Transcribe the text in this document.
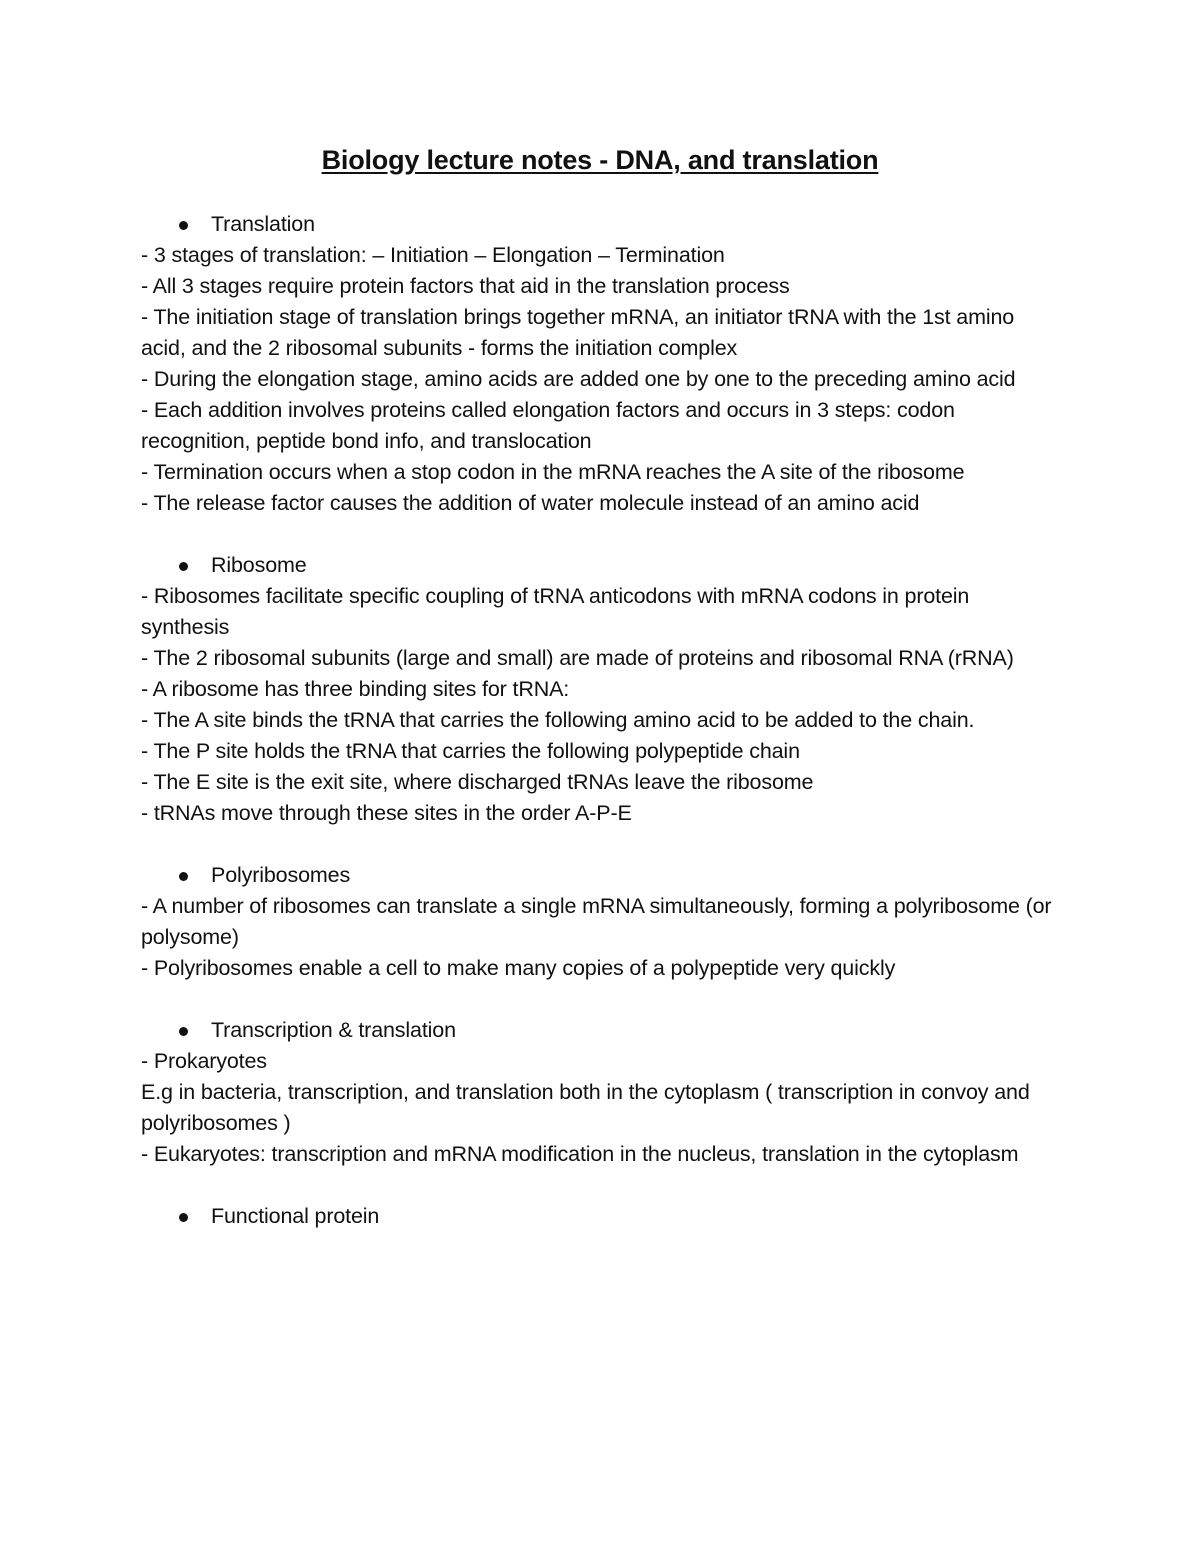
Biology lecture notes - DNA, and translation
Translation

- 3 stages of translation: – Initiation – Elongation – Termination

- All 3 stages require protein factors that aid in the translation process

- The initiation stage of translation brings together mRNA, an initiator tRNA with the 1st amino acid, and the 2 ribosomal subunits - forms the initiation complex

- During the elongation stage, amino acids are added one by one to the preceding amino acid

- Each addition involves proteins called elongation factors and occurs in 3 steps: codon recognition, peptide bond info, and translocation

- Termination occurs when a stop codon in the mRNA reaches the A site of the ribosome

- The release factor causes the addition of water molecule instead of an amino acid

Ribosome

- Ribosomes facilitate specific coupling of tRNA anticodons with mRNA codons in protein synthesis

- The 2 ribosomal subunits (large and small) are made of proteins and ribosomal RNA (rRNA)

- A ribosome has three binding sites for tRNA:

- The A site binds the tRNA that carries the following amino acid to be added to the chain.

- The P site holds the tRNA that carries the following polypeptide chain

- The E site is the exit site, where discharged tRNAs leave the ribosome

- tRNAs move through these sites in the order A-P-E

Polyribosomes

- A number of ribosomes can translate a single mRNA simultaneously, forming a polyribosome (or polysome)

- Polyribosomes enable a cell to make many copies of a polypeptide very quickly

Transcription & translation

- Prokaryotes

E.g in bacteria, transcription, and translation both in the cytoplasm ( transcription in convoy and polyribosomes )

- Eukaryotes: transcription and mRNA modification in the nucleus, translation in the cytoplasm

Functional protein
